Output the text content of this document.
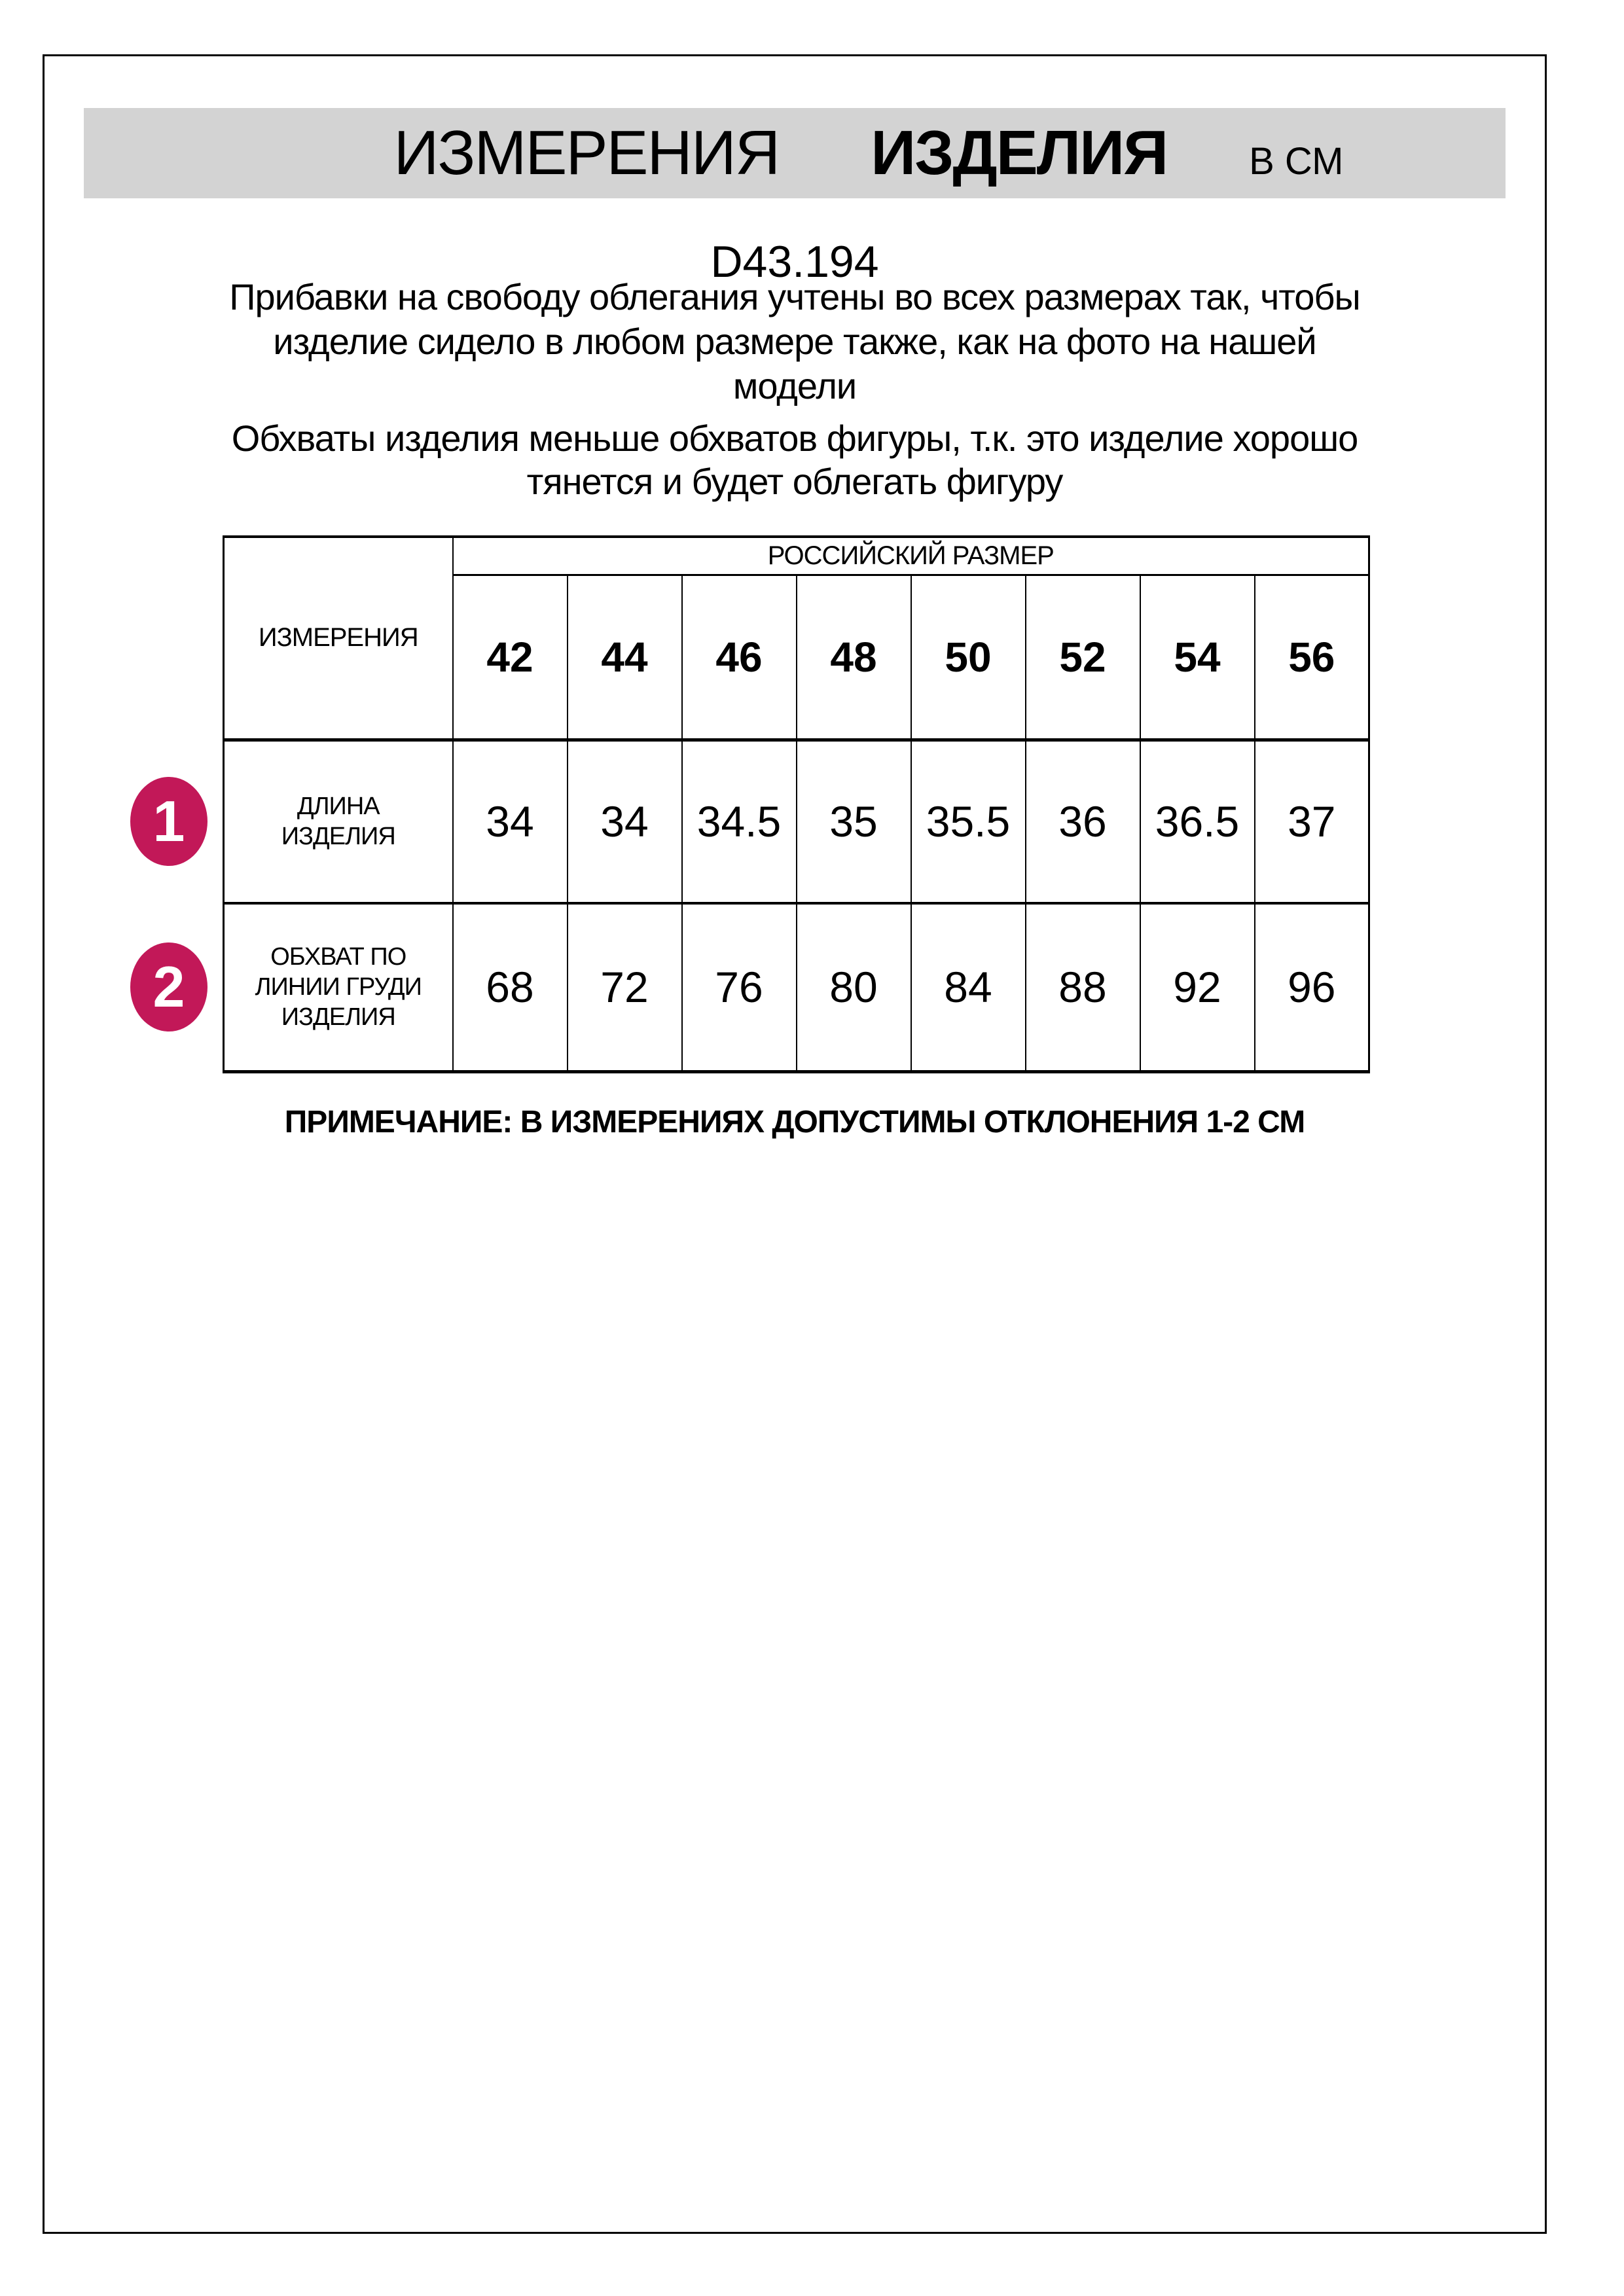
ИЗМЕРЕНИЯ ИЗДЕЛИЯ В СМ
D43.194
Прибавки на свободу облегания учтены во всех размерах так, чтобы
изделие сидело в любом размере также, как на фото на нашей
модели
Обхваты изделия меньше обхватов фигуры, т.к. это изделие хорошо
тянется и будет облегать фигуру
ИЗМЕРЕНИЯ	РОССИЙСКИЙ РАЗМЕР							
	42	44	46	48	50	52	54	56

ДЛИНА
ИЗДЕЛИЯ	34	34	34.5	35	35.5	36	36.5	37

ОБХВАТ ПО
ЛИНИИ ГРУДИ
ИЗДЕЛИЯ	68	72	76	80	84	88	92	96
1
2
ПРИМЕЧАНИЕ: В ИЗМЕРЕНИЯХ ДОПУСТИМЫ ОТКЛОНЕНИЯ 1-2 СМ
